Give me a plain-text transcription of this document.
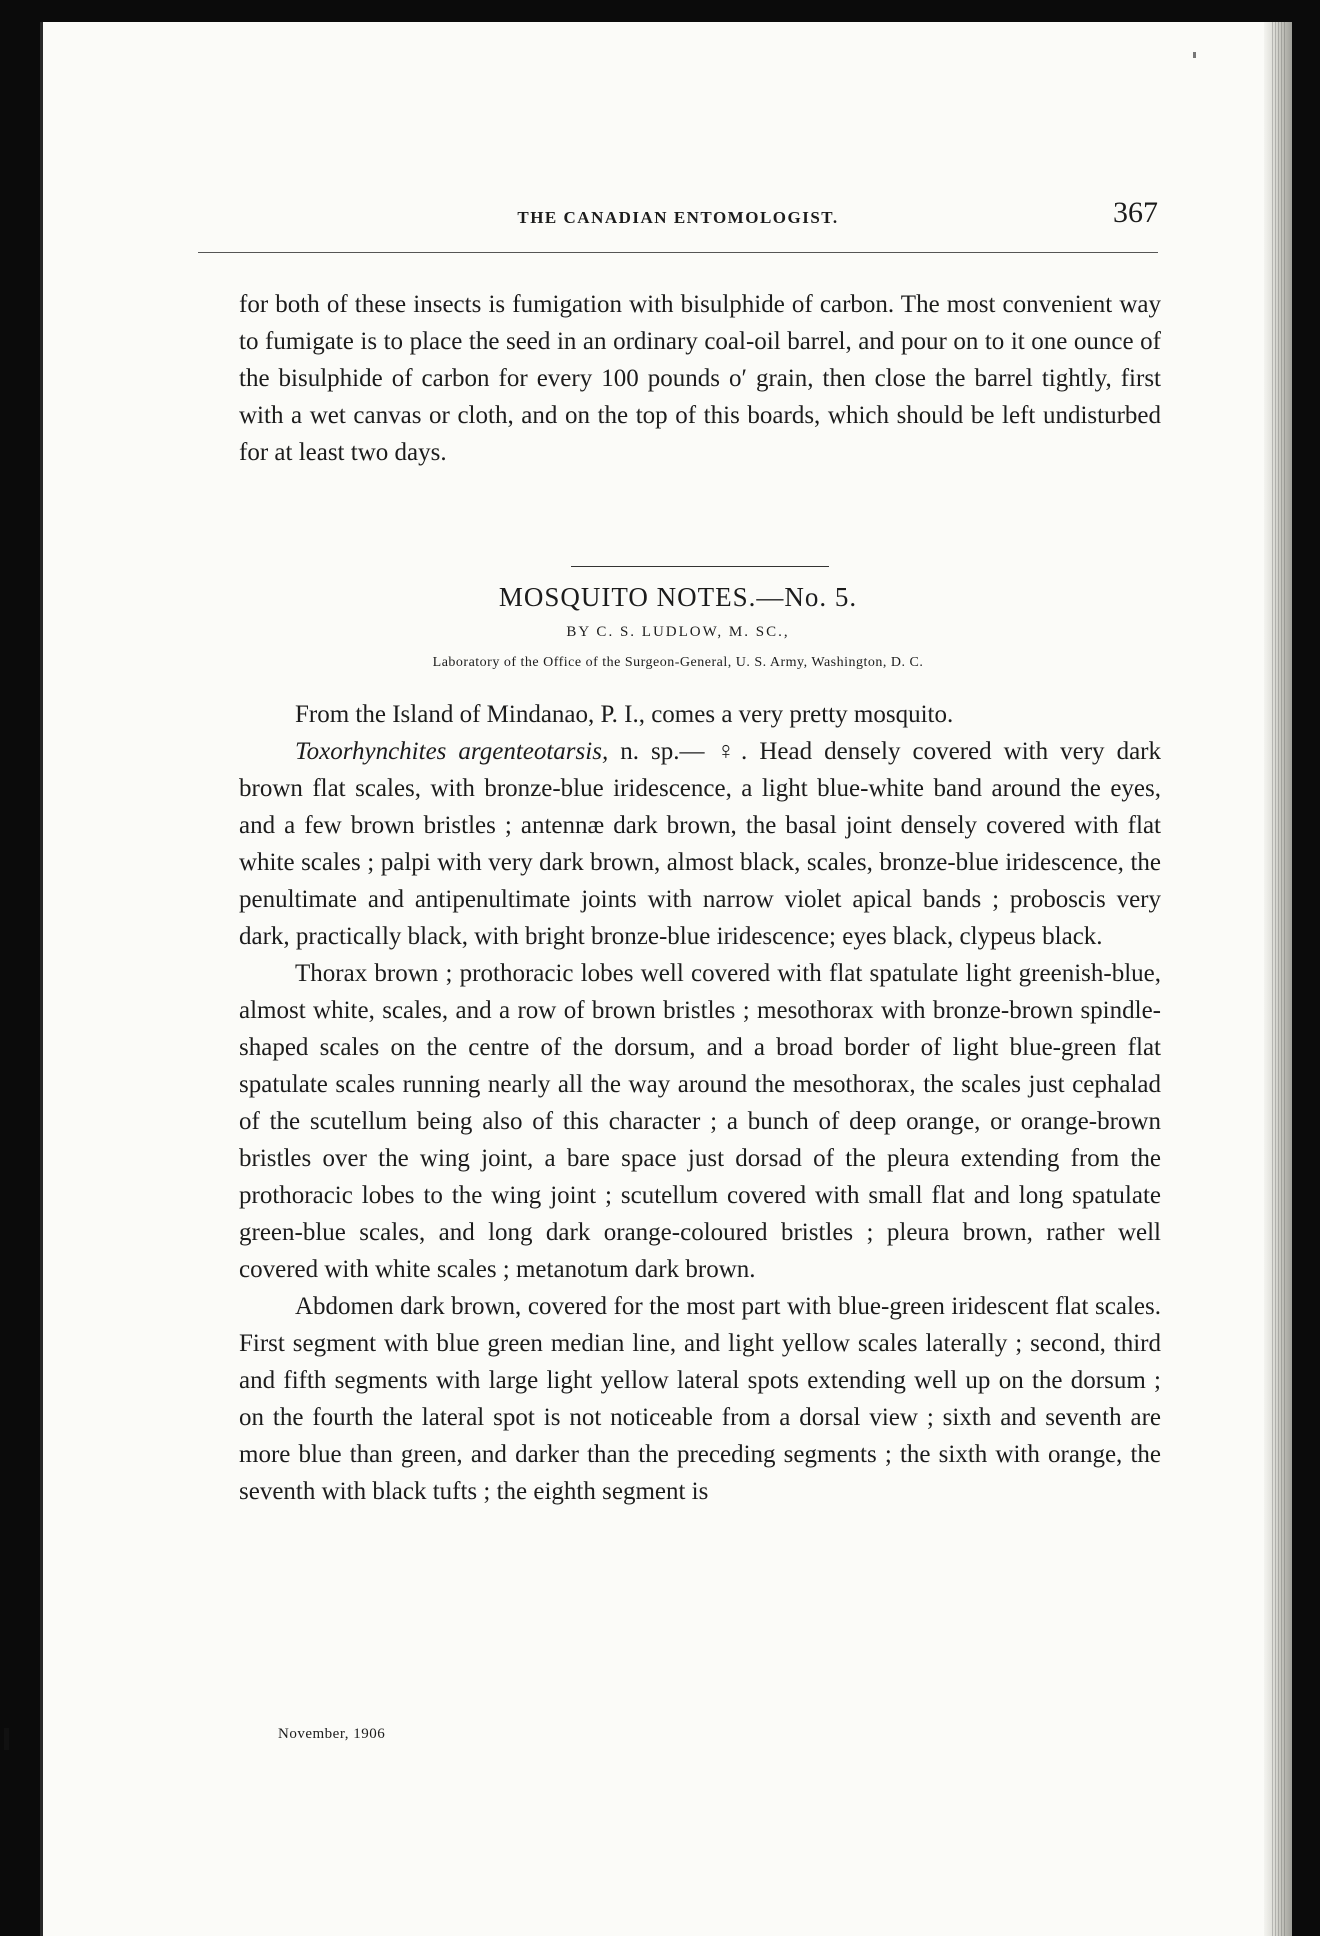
THE CANADIAN ENTOMOLOGIST.	367

for both of these insects is fumigation with bisulphide of carbon. The most convenient way to fumigate is to place the seed in an ordinary coal-oil barrel, and pour on to it one ounce of the bisulphide of carbon for every 100 pounds oʹ grain, then close the barrel tightly, first with a wet canvas or cloth, and on the top of this boards, which should be left undisturbed for at least two days.

MOSQUITO NOTES.—No. 5.
BY C. S. LUDLOW, M. SC.,
Laboratory of the Office of the Surgeon-General, U. S. Army, Washington, D. C.

From the Island of Mindanao, P. I., comes a very pretty mosquito.

Toxorhynchites argenteotarsis, n. sp.— ♀. Head densely covered with very dark brown flat scales, with bronze-blue iridescence, a light blue-white band around the eyes, and a few brown bristles ; antennæ dark brown, the basal joint densely covered with flat white scales ; palpi with very dark brown, almost black, scales, bronze-blue iridescence, the penultimate and antipenultimate joints with narrow violet apical bands ; proboscis very dark, practically black, with bright bronze-blue iridescence; eyes black, clypeus black.

Thorax brown ; prothoracic lobes well covered with flat spatulate light greenish-blue, almost white, scales, and a row of brown bristles ; mesothorax with bronze-brown spindle-shaped scales on the centre of the dorsum, and a broad border of light blue-green flat spatulate scales running nearly all the way around the mesothorax, the scales just cephalad of the scutellum being also of this character ; a bunch of deep orange, or orange-brown bristles over the wing joint, a bare space just dorsad of the pleura extending from the prothoracic lobes to the wing joint ; scutellum covered with small flat and long spatulate green-blue scales, and long dark orange-coloured bristles ; pleura brown, rather well covered with white scales ; metanotum dark brown.

Abdomen dark brown, covered for the most part with blue-green iridescent flat scales. First segment with blue green median line, and light yellow scales laterally ; second, third and fifth segments with large light yellow lateral spots extending well up on the dorsum ; on the fourth the lateral spot is not noticeable from a dorsal view ; sixth and seventh are more blue than green, and darker than the preceding segments ; the sixth with orange, the seventh with black tufts ; the eighth segment is

November, 1906
